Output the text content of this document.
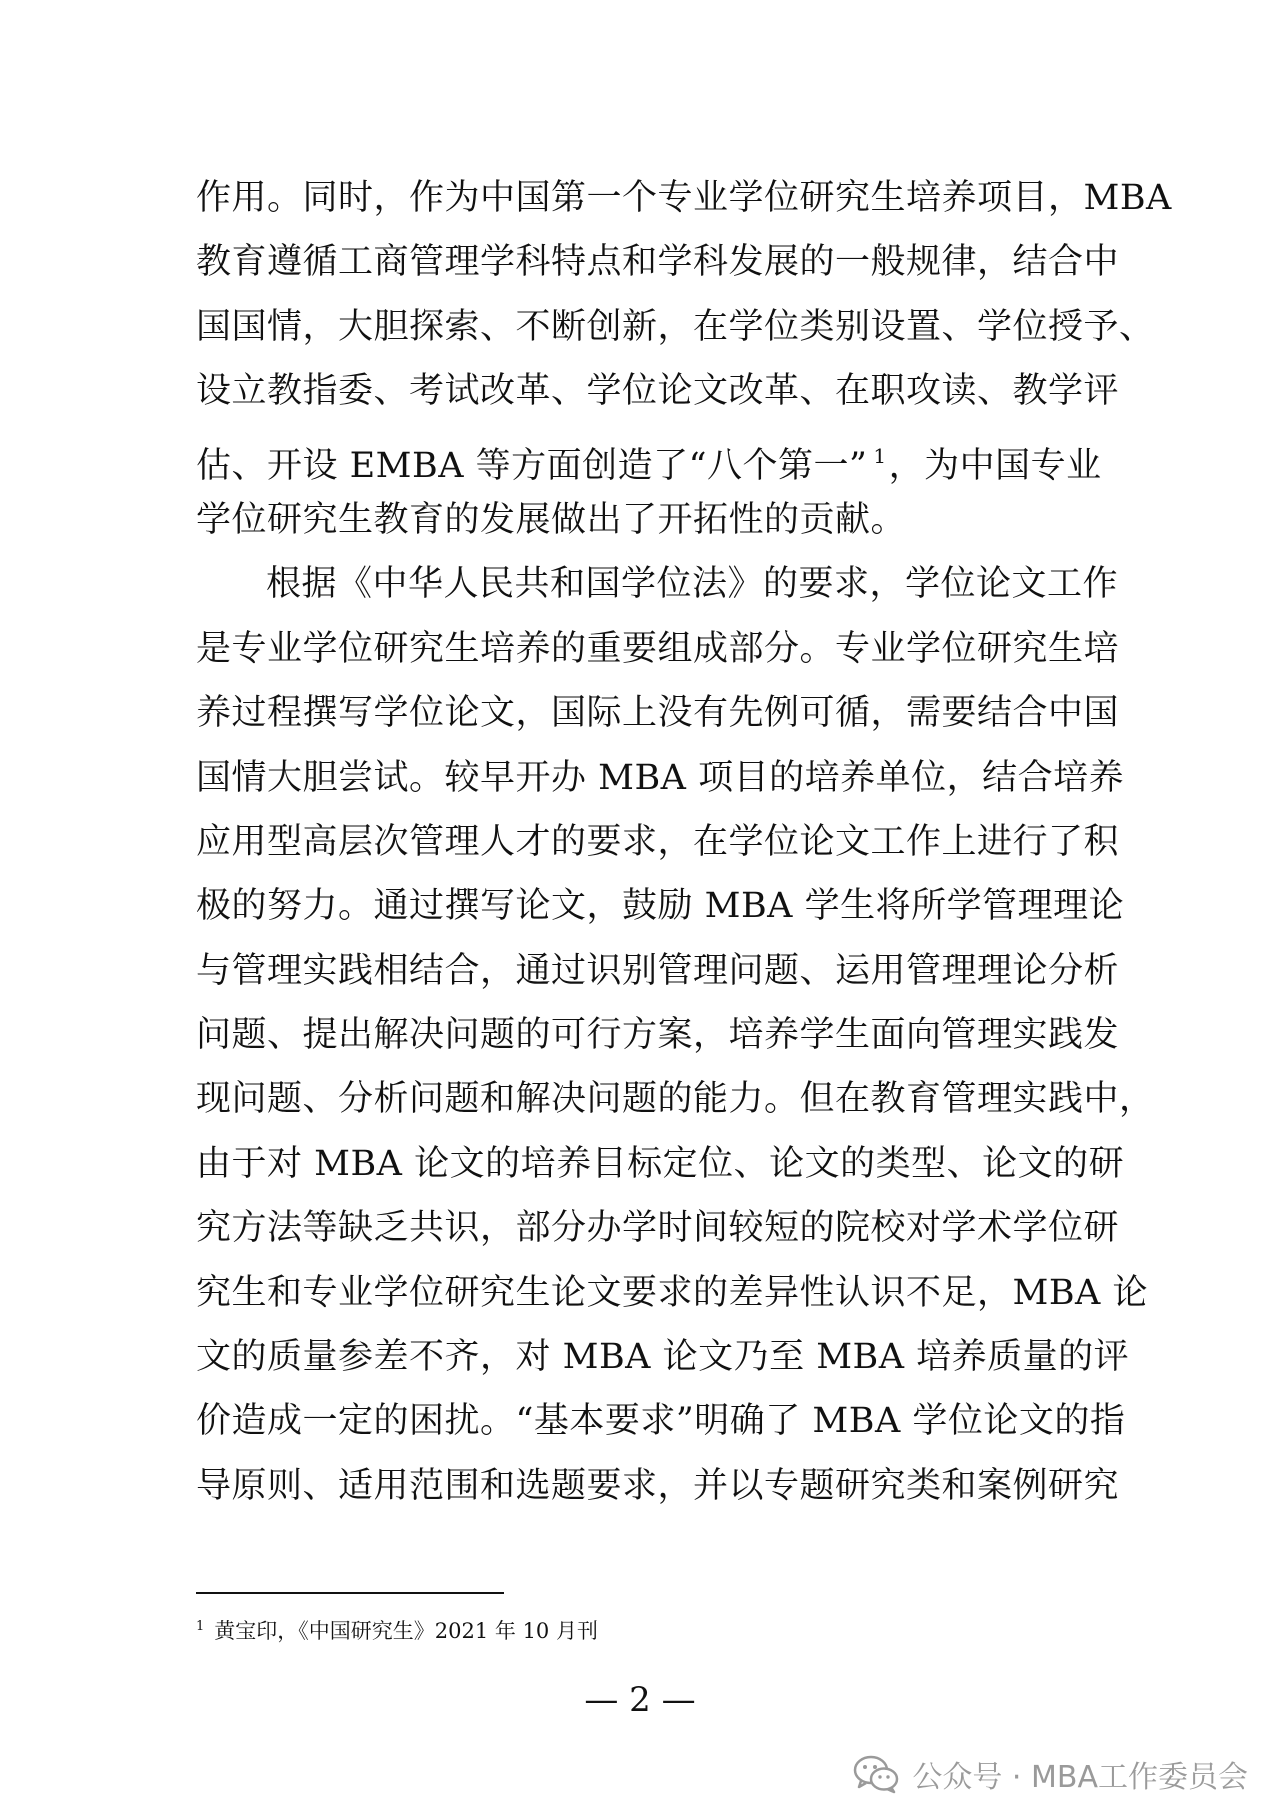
作用。同时，作为中国第一个专业学位研究生培养项目，MBA
教育遵循工商管理学科特点和学科发展的一般规律，结合中
国国情，大胆探索、不断创新，在学位类别设置、学位授予、
设立教指委、考试改革、学位论文改革、在职攻读、教学评
估、开设 EMBA 等方面创造了“八个第一” $^1$，为中国专业
学位研究生教育的发展做出了开拓性的贡献。
根据《中华人民共和国学位法》的要求，学位论文工作
是专业学位研究生培养的重要组成部分。专业学位研究生培
养过程撰写学位论文，国际上没有先例可循，需要结合中国
国情大胆尝试。较早开办 MBA 项目的培养单位，结合培养
应用型高层次管理人才的要求，在学位论文工作上进行了积
极的努力。通过撰写论文，鼓励 MBA 学生将所学管理理论
与管理实践相结合，通过识别管理问题、运用管理理论分析
问题、提出解决问题的可行方案，培养学生面向管理实践发
现问题、分析问题和解决问题的能力。但在教育管理实践中，
由于对 MBA 论文的培养目标定位、论文的类型、论文的研
究方法等缺乏共识，部分办学时间较短的院校对学术学位研
究生和专业学位研究生论文要求的差异性认识不足，MBA 论
文的质量参差不齐，对 MBA 论文乃至 MBA 培养质量的评
价造成一定的困扰。“基本要求”明确了 MBA 学位论文的指
导原则、适用范围和选题要求，并以专题研究类和案例研究
$^1$ 黄宝印，《中国研究生》2021 年 10 月刊
— 2 —
公众号 · MBA工作委员会
